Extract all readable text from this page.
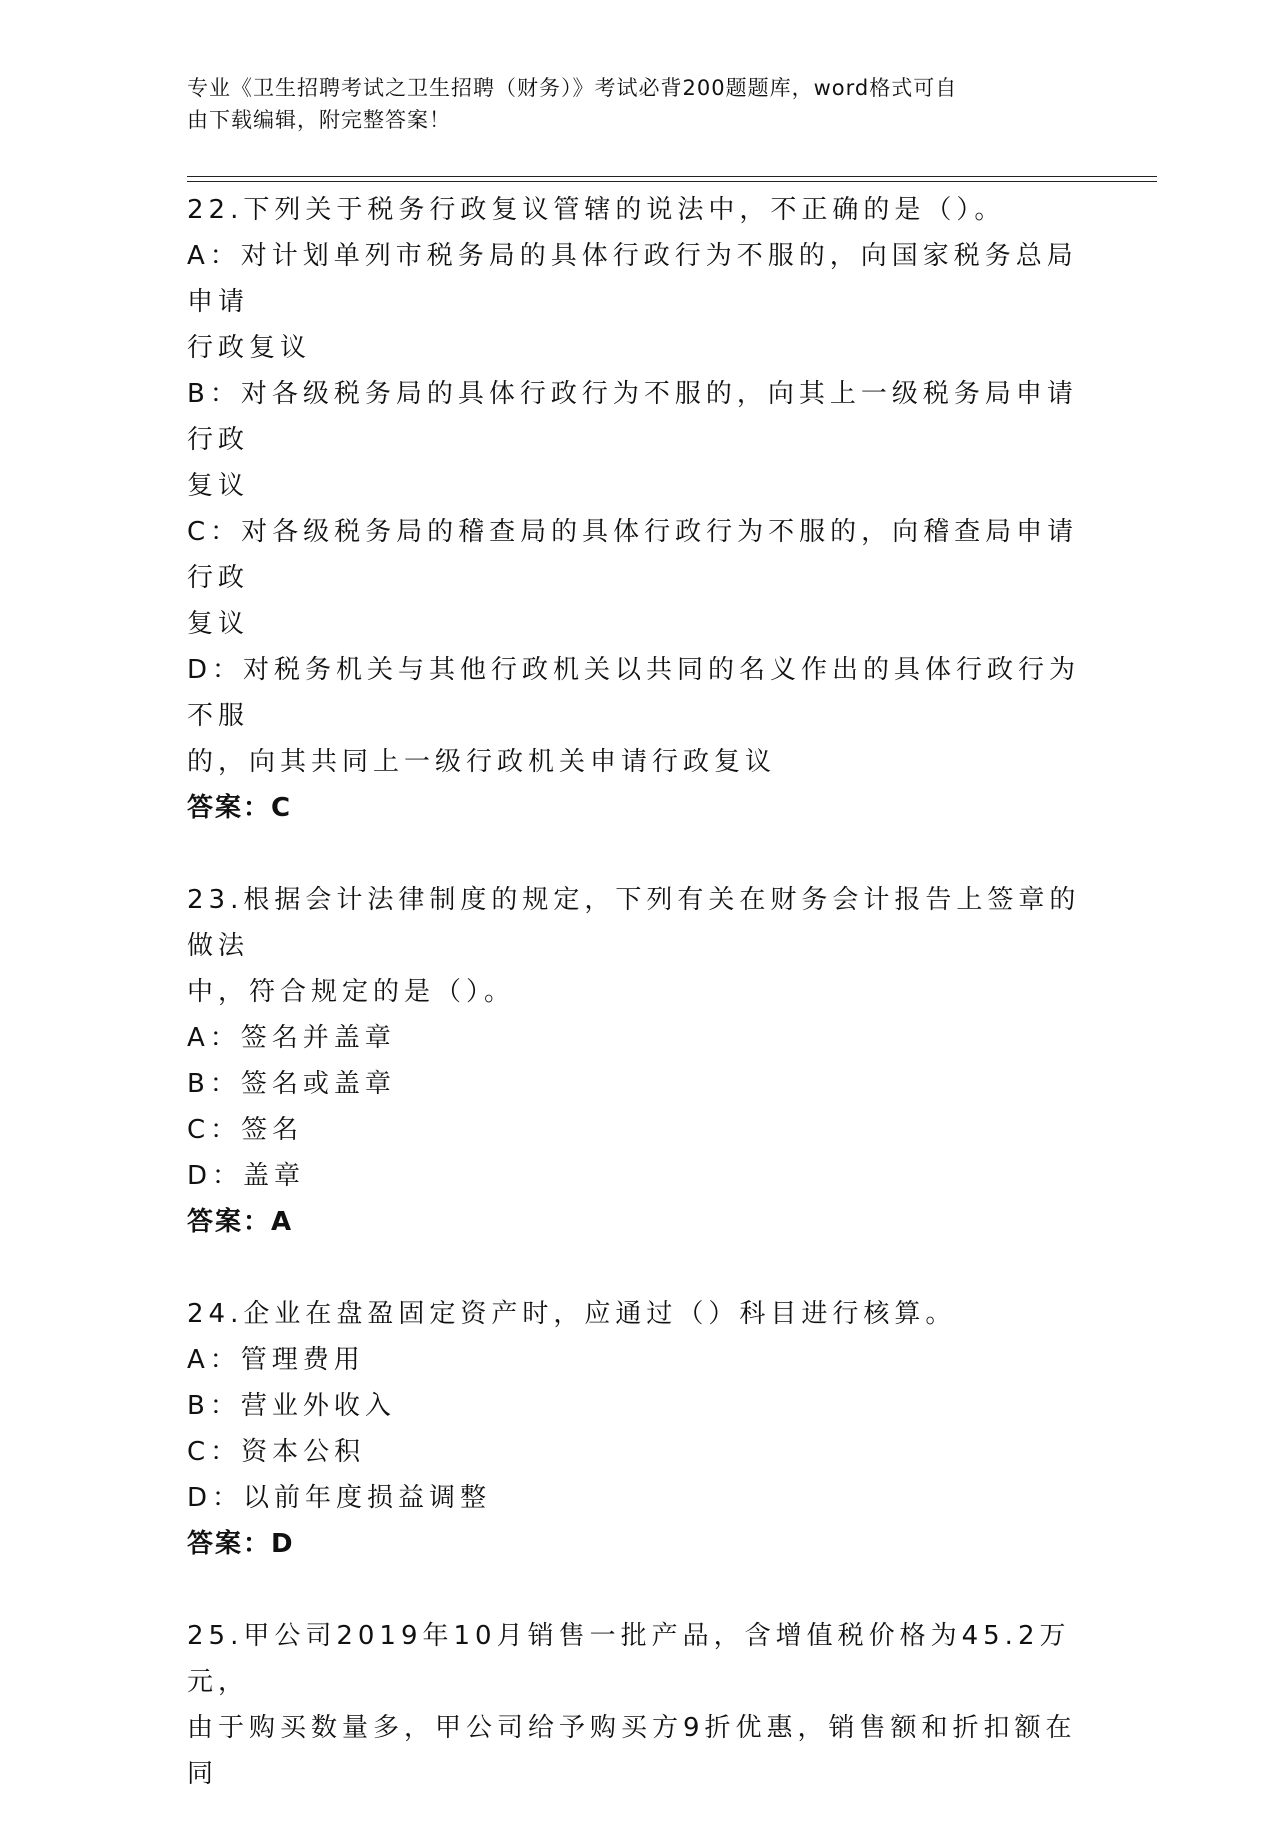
专业《卫生招聘考试之卫生招聘（财务）》考试必背200题题库，word格式可自
由下载编辑，附完整答案！

22.下列关于税务行政复议管辖的说法中，不正确的是（）。

A：对计划单列市税务局的具体行政行为不服的，向国家税务总局申请

行政复议

B：对各级税务局的具体行政行为不服的，向其上一级税务局申请行政

复议

C：对各级税务局的稽查局的具体行政行为不服的，向稽查局申请行政

复议

D：对税务机关与其他行政机关以共同的名义作出的具体行政行为不服

的，向其共同上一级行政机关申请行政复议

答案：C

23.根据会计法律制度的规定，下列有关在财务会计报告上签章的做法

中，符合规定的是（）。

A：签名并盖章

B：签名或盖章

C：签名

D：盖章

答案：A

24.企业在盘盈固定资产时，应通过（）科目进行核算。

A：管理费用

B：营业外收入

C：资本公积

D：以前年度损益调整

答案：D

25.甲公司2019年10月销售一批产品，含增值税价格为45.2万元，

由于购买数量多，甲公司给予购买方9折优惠，销售额和折扣额在同
